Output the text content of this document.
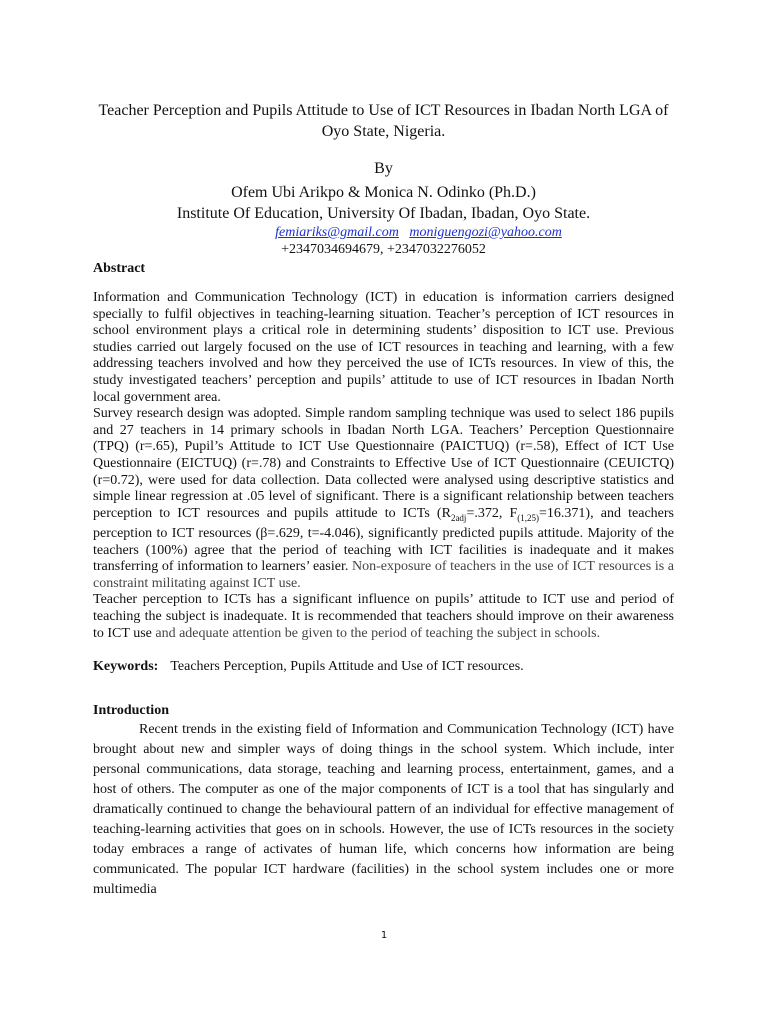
Teacher Perception and Pupils Attitude to Use of ICT Resources in Ibadan North LGA of Oyo State, Nigeria.
By
Ofem Ubi Arikpo & Monica N. Odinko (Ph.D.)
Institute Of Education, University Of Ibadan, Ibadan, Oyo State.
femiariks@gmail.com moniguengozi@yahoo.com
+2347034694679, +2347032276052
Abstract

Information and Communication Technology (ICT) in education is information carriers designed specially to fulfil objectives in teaching-learning situation. Teacher’s perception of ICT resources in school environment plays a critical role in determining students’ disposition to ICT use. Previous studies carried out largely focused on the use of ICT resources in teaching and learning, with a few addressing teachers involved and how they perceived the use of ICTs resources. In view of this, the study investigated teachers’ perception and pupils’ attitude to use of ICT resources in Ibadan North local government area.

Survey research design was adopted. Simple random sampling technique was used to select 186 pupils and 27 teachers in 14 primary schools in Ibadan North LGA. Teachers’ Perception Questionnaire (TPQ) (r=.65), Pupil’s Attitude to ICT Use Questionnaire (PAICTUQ) (r=.58), Effect of ICT Use Questionnaire (EICTUQ) (r=.78) and Constraints to Effective Use of ICT Questionnaire (CEUICTQ)(r=0.72), were used for data collection. Data collected were analysed using descriptive statistics and simple linear regression at .05 level of significant. There is a significant relationship between teachers perception to ICT resources and pupils attitude to ICTs ($R_{2adj}=.372$, $F_{(1,25)}=16.371$), and teachers perception to ICT resources (β=.629, t=-4.046), significantly predicted pupils attitude. Majority of the teachers (100%) agree that the period of teaching with ICT facilities is inadequate and it makes transferring of information to learners’ easier. Non-exposure of teachers in the use of ICT resources is a constraint militating against ICT use.

Teacher perception to ICTs has a significant influence on pupils’ attitude to ICT use and period of teaching the subject is inadequate. It is recommended that teachers should improve on their awareness to ICT use and adequate attention be given to the period of teaching the subject in schools.

Keywords: Teachers Perception, Pupils Attitude and Use of ICT resources.
Introduction

Recent trends in the existing field of Information and Communication Technology (ICT) have brought about new and simpler ways of doing things in the school system. Which include, inter personal communications, data storage, teaching and learning process, entertainment, games, and a host of others. The computer as one of the major components of ICT is a tool that has singularly and dramatically continued to change the behavioural pattern of an individual for effective management of teaching-learning activities that goes on in schools. However, the use of ICTs resources in the society today embraces a range of activates of human life, which concerns how information are being communicated. The popular ICT hardware (facilities) in the school system includes one or more multimedia

1
